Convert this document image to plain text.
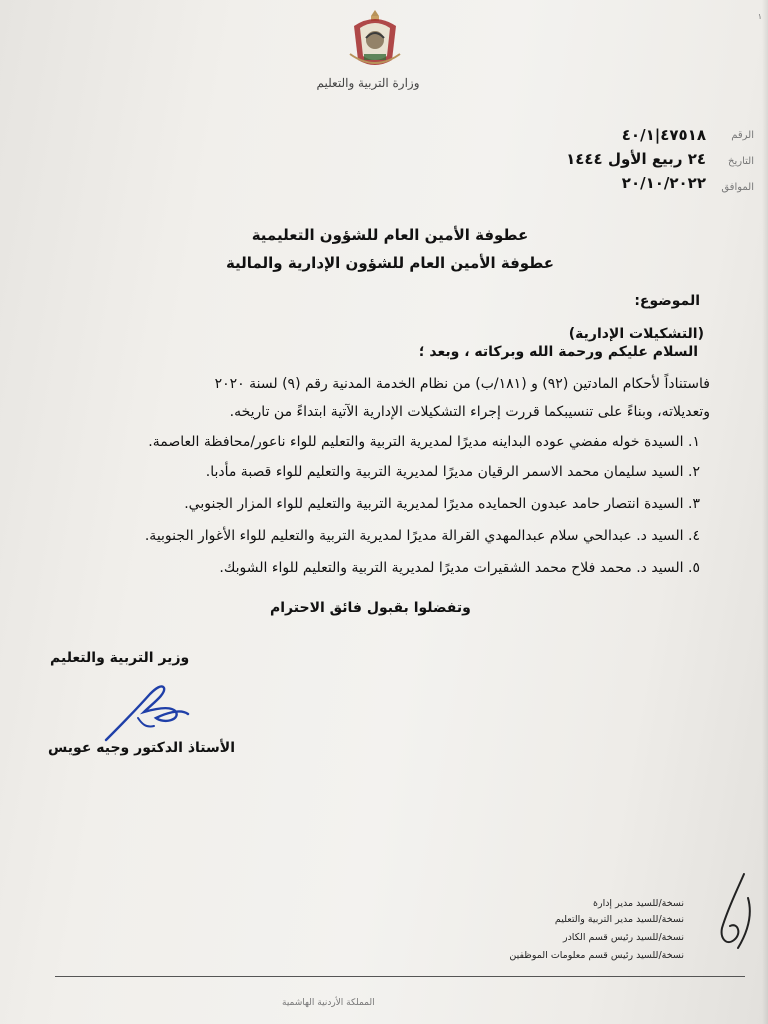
١
وزارة التربية والتعليم
الرقم
٤٧٥١٨|٤٠/١
التاريخ
٢٤ ربيع الأول ١٤٤٤
الموافق
٢٠/١٠/٢٠٢٢
عطوفة الأمين العام للشؤون التعليمية
عطوفة الأمين العام للشؤون الإدارية والمالية
الموضوع:
(التشكيلات الإدارية)
السلام عليكم ورحمة الله وبركاته ، وبعد ؛
فاستناداً لأحكام المادتين (٩٢) و (١٨١/ب) من نظام الخدمة المدنية رقم (٩) لسنة ٢٠٢٠
وتعديلاته، وبناءً على تنسيبكما قررت إجراء التشكيلات الإدارية الآتية ابتداءً من تاريخه.
١. السيدة خوله مفضي عوده البداينه مديرًا لمديرية التربية والتعليم للواء ناعور/محافظة العاصمة.
٢. السيد سليمان محمد الاسمر الرقيان مديرًا لمديرية التربية والتعليم للواء قصبة مأدبا.
٣. السيدة انتصار حامد عبدون الحمايده مديرًا لمديرية التربية والتعليم للواء المزار الجنوبي.
٤. السيد د. عبدالحي سلام عبدالمهدي القرالة مديرًا لمديرية التربية والتعليم للواء الأغوار الجنوبية.
٥. السيد د. محمد فلاح محمد الشقيرات مديرًا لمديرية التربية والتعليم للواء الشوبك.
وتفضلوا بقبول فائق الاحترام
وزير التربية والتعليم
الأستاذ الدكتور وجيه عويس
نسخة/للسيد مدير إدارة
نسخة/للسيد مدير التربية والتعليم
نسخة/للسيد رئيس قسم الكادر
نسخة/للسيد رئيس قسم معلومات الموظفين
المملكة الأردنية الهاشمية
